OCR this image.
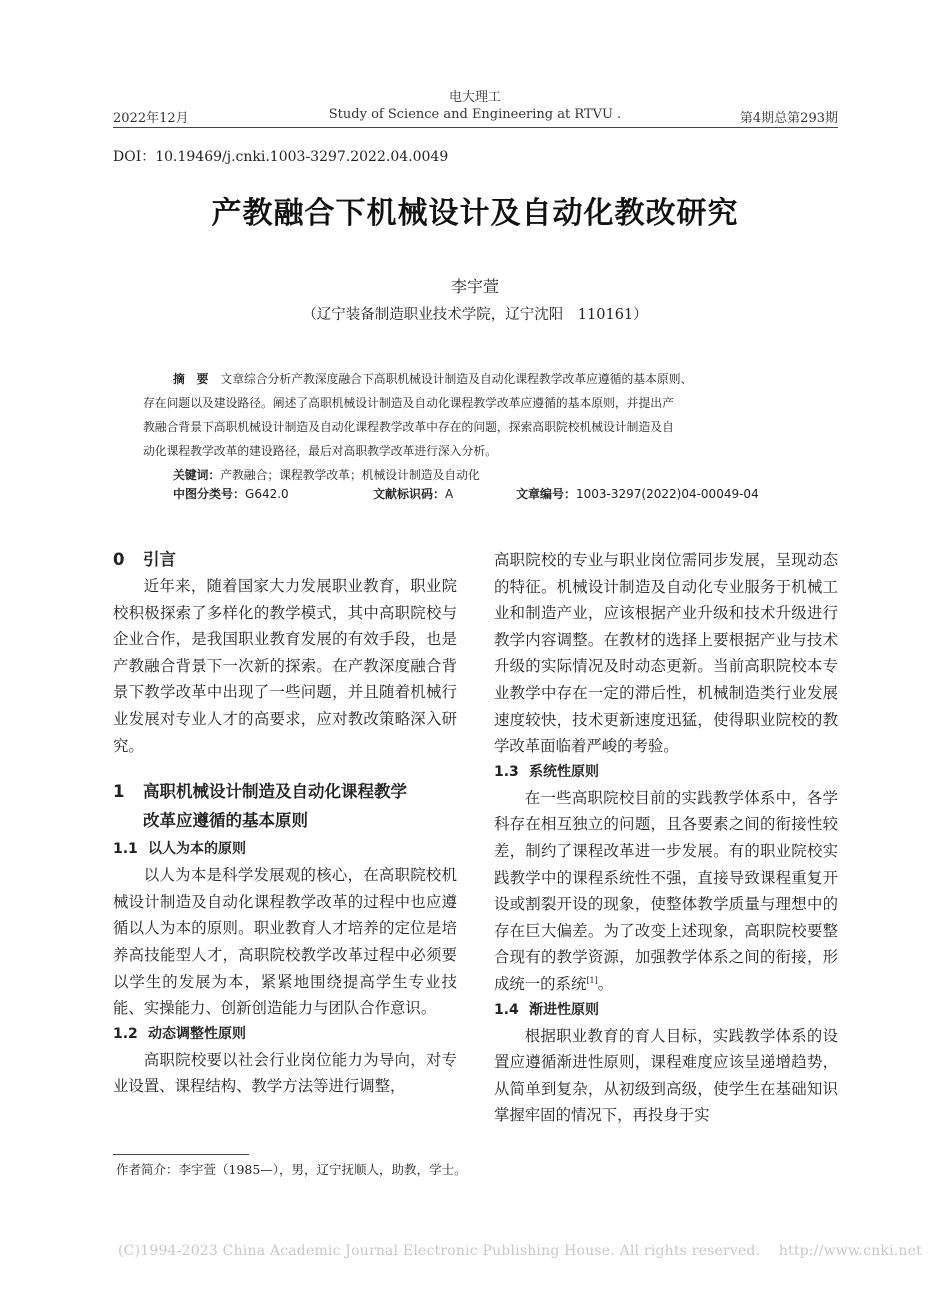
电大理工
2022年12月	Study of Science and Engineering at RTVU .	第4期总第293期
DOI：10.19469/j.cnki.1003-3297.2022.04.0049
产教融合下机械设计及自动化教改研究
李宇萱
（辽宁装备制造职业技术学院，辽宁沈阳　110161）
摘　要 文章综合分析产教深度融合下高职机械设计制造及自动化课程教学改革应遵循的基本原则、
存在问题以及建设路径。阐述了高职机械设计制造及自动化课程教学改革应遵循的基本原则，并提出产
教融合背景下高职机械设计制造及自动化课程教学改革中存在的问题，探索高职院校机械设计制造及自
动化课程教学改革的建设路径，最后对高职教学改革进行深入分析。
关键词：产教融合；课程教学改革；机械设计制造及自动化
中图分类号：G642.0	文献标识码：A	文章编号：1003-3297(2022)04-00049-04
0 引言

近年来，随着国家大力发展职业教育，职业院校积极探索了多样化的教学模式，其中高职院校与企业合作，是我国职业教育发展的有效手段，也是产教融合背景下一次新的探索。在产教深度融合背景下教学改革中出现了一些问题，并且随着机械行业发展对专业人才的高要求，应对教改策略深入研究。

1 高职机械设计制造及自动化课程教学
改革应遵循的基本原则
1.1 以人为本的原则

以人为本是科学发展观的核心，在高职院校机械设计制造及自动化课程教学改革的过程中也应遵循以人为本的原则。职业教育人才培养的定位是培养高技能型人才，高职院校教学改革过程中必须要以学生的发展为本，紧紧地围绕提高学生专业技能、实操能力、创新创造能力与团队合作意识。

1.2 动态调整性原则

高职院校要以社会行业岗位能力为导向，对专业设置、课程结构、教学方法等进行调整，

高职院校的专业与职业岗位需同步发展，呈现动态的特征。机械设计制造及自动化专业服务于机械工业和制造产业，应该根据产业升级和技术升级进行教学内容调整。在教材的选择上要根据产业与技术升级的实际情况及时动态更新。当前高职院校本专业教学中存在一定的滞后性，机械制造类行业发展速度较快，技术更新速度迅猛，使得职业院校的教学改革面临着严峻的考验。

1.3 系统性原则

在一些高职院校目前的实践教学体系中，各学科存在相互独立的问题，且各要素之间的衔接性较差，制约了课程改革进一步发展。有的职业院校实践教学中的课程系统性不强，直接导致课程重复开设或割裂开设的现象，使整体教学质量与理想中的存在巨大偏差。为了改变上述现象，高职院校要整合现有的教学资源，加强教学体系之间的衔接，形成统一的系统[1]。

1.4 渐进性原则

根据职业教育的育人目标，实践教学体系的设置应遵循渐进性原则，课程难度应该呈递增趋势，从简单到复杂，从初级到高级，使学生在基础知识掌握牢固的情况下，再投身于实

作者简介：李宇萱（1985—），男，辽宁抚顺人，助教，学士。
(C)1994-2023 China Academic Journal Electronic Publishing House. All rights reserved.    http://www.cnki.net
